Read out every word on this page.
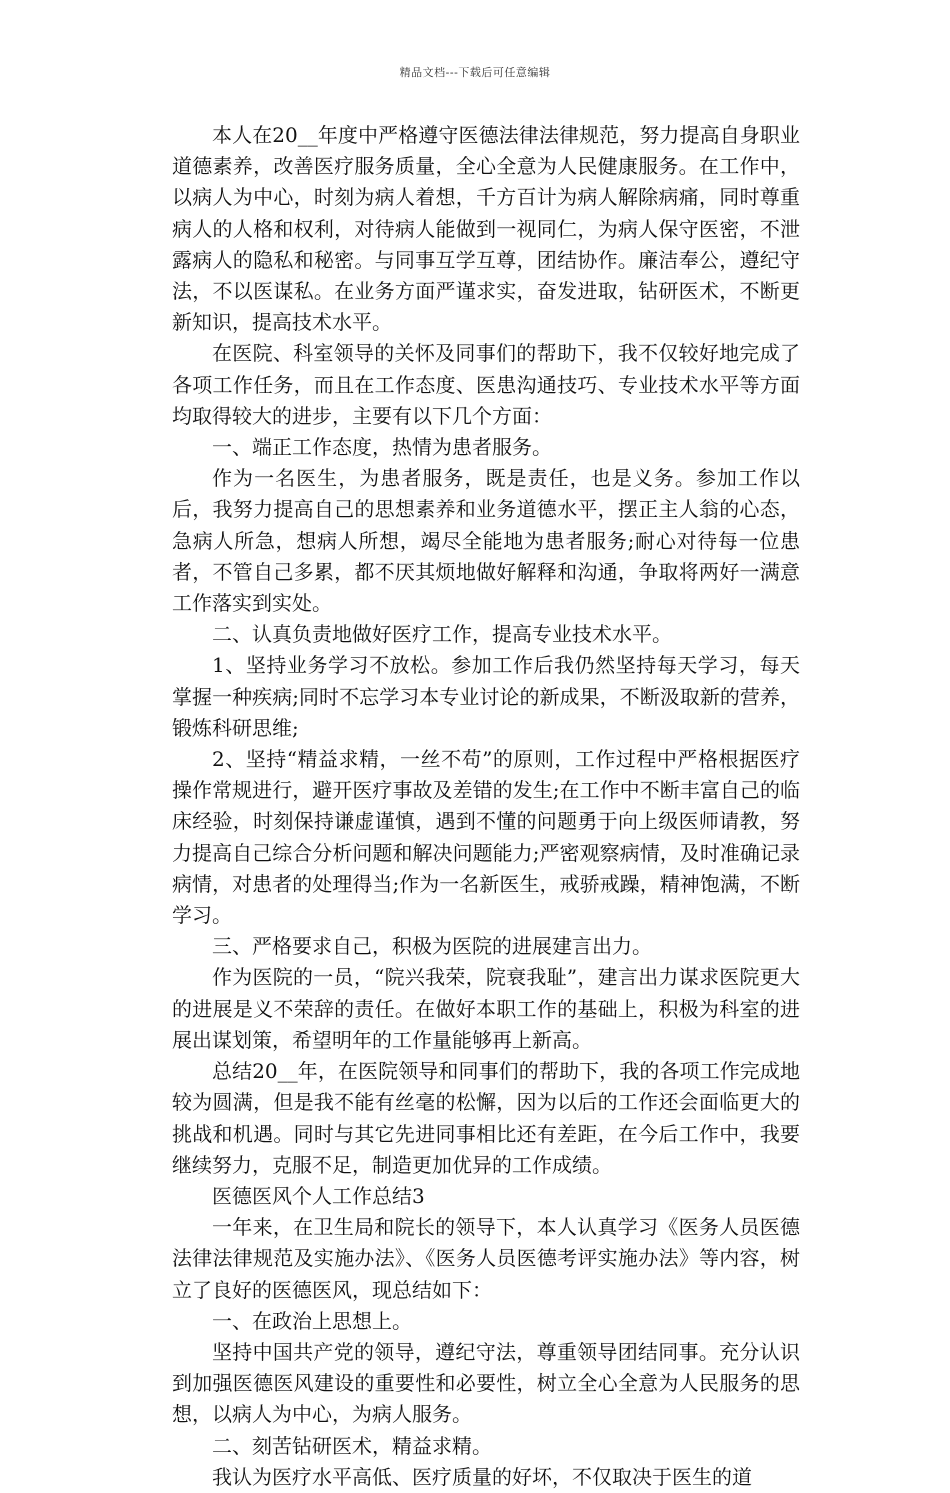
精品文档---下载后可任意编辑

本人在20__年度中严格遵守医德法律法律规范，努力提高自身职业道德素养，改善医疗服务质量，全心全意为人民健康服务。在工作中，以病人为中心，时刻为病人着想，千方百计为病人解除病痛，同时尊重病人的人格和权利，对待病人能做到一视同仁，为病人保守医密，不泄露病人的隐私和秘密。与同事互学互尊，团结协作。廉洁奉公，遵纪守法，不以医谋私。在业务方面严谨求实，奋发进取，钻研医术，不断更新知识，提高技术水平。

在医院、科室领导的关怀及同事们的帮助下，我不仅较好地完成了各项工作任务，而且在工作态度、医患沟通技巧、专业技术水平等方面均取得较大的进步，主要有以下几个方面：

一、端正工作态度，热情为患者服务。

作为一名医生，为患者服务，既是责任，也是义务。参加工作以后，我努力提高自己的思想素养和业务道德水平，摆正主人翁的心态，急病人所急，想病人所想，竭尽全能地为患者服务;耐心对待每一位患者，不管自己多累，都不厌其烦地做好解释和沟通，争取将两好一满意工作落实到实处。

二、认真负责地做好医疗工作，提高专业技术水平。

1、坚持业务学习不放松。参加工作后我仍然坚持每天学习，每天掌握一种疾病;同时不忘学习本专业讨论的新成果，不断汲取新的营养，锻炼科研思维;

2、坚持“精益求精，一丝不苟”的原则，工作过程中严格根据医疗操作常规进行，避开医疗事故及差错的发生;在工作中不断丰富自己的临床经验，时刻保持谦虚谨慎，遇到不懂的问题勇于向上级医师请教，努力提高自己综合分析问题和解决问题能力;严密观察病情，及时准确记录病情，对患者的处理得当;作为一名新医生，戒骄戒躁，精神饱满，不断学习。

三、严格要求自己，积极为医院的进展建言出力。

作为医院的一员，“院兴我荣，院衰我耻”，建言出力谋求医院更大的进展是义不荣辞的责任。在做好本职工作的基础上，积极为科室的进展出谋划策，希望明年的工作量能够再上新高。

总结20__年，在医院领导和同事们的帮助下，我的各项工作完成地较为圆满，但是我不能有丝毫的松懈，因为以后的工作还会面临更大的挑战和机遇。同时与其它先进同事相比还有差距，在今后工作中，我要继续努力，克服不足，制造更加优异的工作成绩。

医德医风个人工作总结3

一年来，在卫生局和院长的领导下，本人认真学习《医务人员医德法律法律规范及实施办法》、《医务人员医德考评实施办法》等内容，树立了良好的医德医风，现总结如下：

一、在政治上思想上。

坚持中国共产党的领导，遵纪守法，尊重领导团结同事。充分认识到加强医德医风建设的重要性和必要性，树立全心全意为人民服务的思想，以病人为中心，为病人服务。

二、刻苦钻研医术，精益求精。

我认为医疗水平高低、医疗质量的好坏，不仅取决于医生的道
